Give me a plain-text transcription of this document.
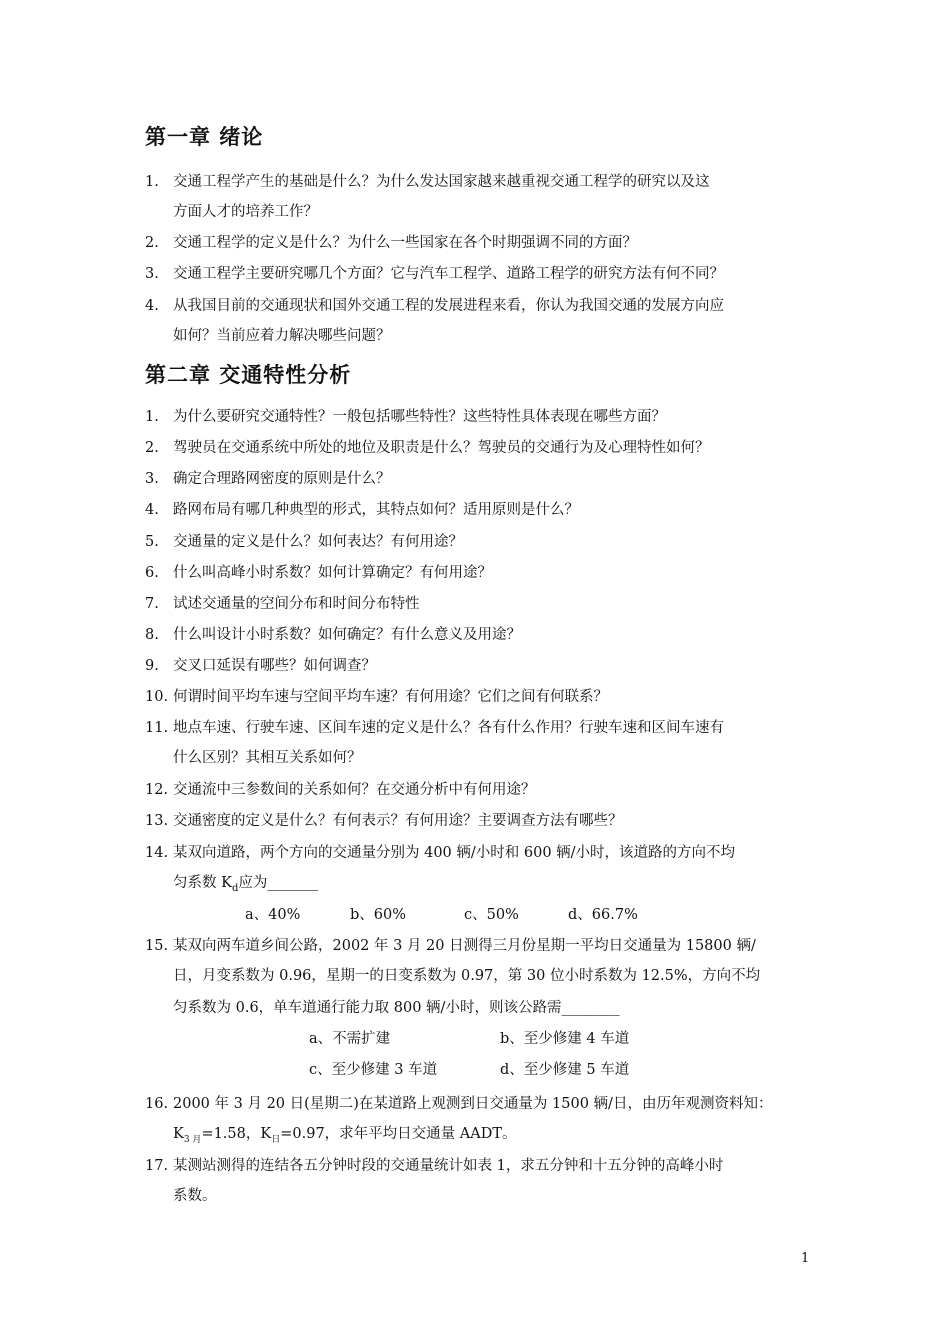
第一章 绪论
1. 交通工程学产生的基础是什么？为什么发达国家越来越重视交通工程学的研究以及这
方面人才的培养工作？
2. 交通工程学的定义是什么？为什么一些国家在各个时期强调不同的方面？
3. 交通工程学主要研究哪几个方面？它与汽车工程学、道路工程学的研究方法有何不同？
4. 从我国目前的交通现状和国外交通工程的发展进程来看，你认为我国交通的发展方向应
如何？当前应着力解决哪些问题？
第二章 交通特性分析
1. 为什么要研究交通特性？一般包括哪些特性？这些特性具体表现在哪些方面？
2. 驾驶员在交通系统中所处的地位及职责是什么？驾驶员的交通行为及心理特性如何？
3. 确定合理路网密度的原则是什么？
4. 路网布局有哪几种典型的形式，其特点如何？适用原则是什么？
5. 交通量的定义是什么？如何表达？有何用途？
6. 什么叫高峰小时系数？如何计算确定？有何用途？
7. 试述交通量的空间分布和时间分布特性
8. 什么叫设计小时系数？如何确定？有什么意义及用途？
9. 交叉口延误有哪些？如何调查？
10. 何谓时间平均车速与空间平均车速？有何用途？它们之间有何联系？
11. 地点车速、行驶车速、区间车速的定义是什么？各有什么作用？行驶车速和区间车速有
什么区别？其相互关系如何？
12. 交通流中三参数间的关系如何？在交通分析中有何用途？
13. 交通密度的定义是什么？有何表示？有何用途？主要调查方法有哪些？
14. 某双向道路，两个方向的交通量分别为 400 辆/小时和 600 辆/小时，该道路的方向不均
匀系数 $K_d$应为_______
a、40%	b、60%	c、50%	d、66.7%
15. 某双向两车道乡间公路，2002 年 3 月 20 日测得三月份星期一平均日交通量为 15800 辆/
日，月变系数为 0.96，星期一的日变系数为 0.97，第 30 位小时系数为 12.5%，方向不均
匀系数为 0.6，单车道通行能力取 800 辆/小时，则该公路需________
a、不需扩建	b、至少修建 4 车道
c、至少修建 3 车道	d、至少修建 5 车道
16. 2000 年 3 月 20 日(星期二)在某道路上观测到日交通量为 1500 辆/日，由历年观测资料知：
$K_{3 月}=1.58$，$K_日=0.97$，求年平均日交通量 AADT。
17. 某测站测得的连结各五分钟时段的交通量统计如表 1，求五分钟和十五分钟的高峰小时
系数。
1
